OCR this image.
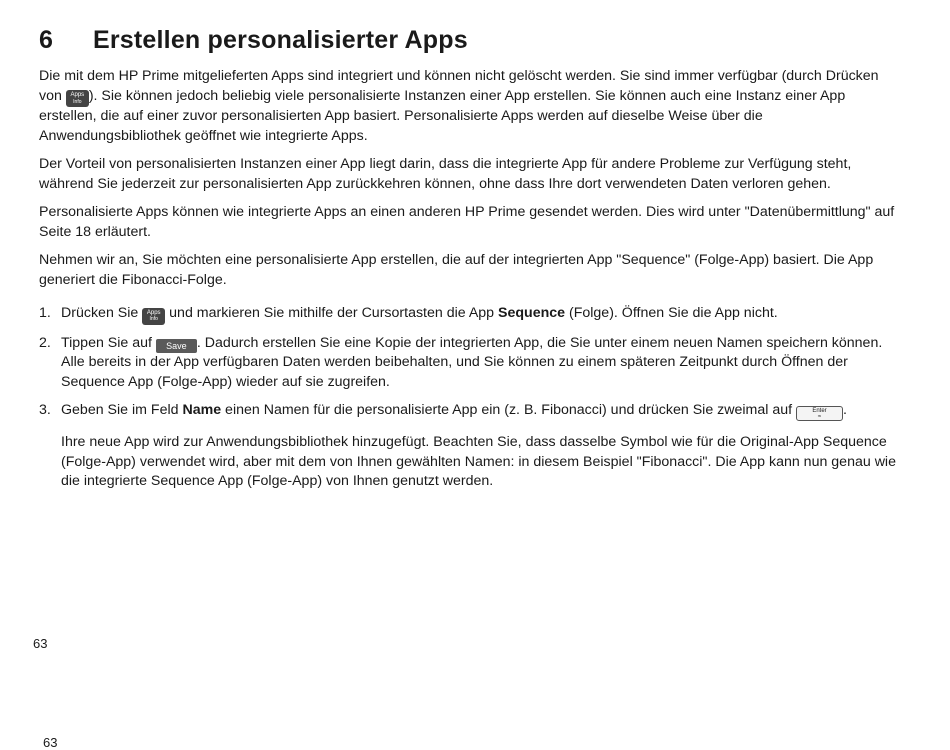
6 Erstellen personalisierter Apps

Die mit dem HP Prime mitgelieferten Apps sind integriert und können nicht gelöscht werden. Sie sind immer verfügbar (durch Drücken von Apps
Info ). Sie können jedoch beliebig viele personalisierte Instanzen einer App erstellen. Sie können auch eine Instanz einer App erstellen, die auf einer zuvor personalisierten App basiert. Personalisierte Apps werden auf dieselbe Weise über die Anwendungsbibliothek geöffnet wie integrierte Apps.

Der Vorteil von personalisierten Instanzen einer App liegt darin, dass die integrierte App für andere Probleme zur Verfügung steht, während Sie jederzeit zur personalisierten App zurückkehren können, ohne dass Ihre dort verwendeten Daten verloren gehen.

Personalisierte Apps können wie integrierte Apps an einen anderen HP Prime gesendet werden. Dies wird unter "Datenübermittlung" auf Seite 18 erläutert.

Nehmen wir an, Sie möchten eine personalisierte App erstellen, die auf der integrierten App "Sequence" (Folge-App) basiert. Die App generiert die Fibonacci-Folge.

1. Drücken Sie Apps
Info und markieren Sie mithilfe der Cursortasten die App Sequence (Folge). Öffnen Sie die App nicht.
2. Tippen Sie auf Save . Dadurch erstellen Sie eine Kopie der integrierten App, die Sie unter einem neuen Namen speichern können. Alle bereits in der App verfügbaren Daten werden beibehalten, und Sie können zu einem späteren Zeitpunkt durch Öffnen der Sequence App (Folge-App) wieder auf sie zugreifen.
3. Geben Sie im Feld Name einen Namen für die personalisierte App ein (z. B. Fibonacci) und drücken Sie zweimal auf	Enter
≈	.

Ihre neue App wird zur Anwendungsbibliothek hinzugefügt. Beachten Sie, dass dasselbe Symbol wie für die Original-App Sequence (Folge-App) verwendet wird, aber mit dem von Ihnen gewählten Namen: in diesem Beispiel "Fibonacci". Die App kann nun genau wie die integrierte Sequence App (Folge-App) von Ihnen genutzt werden.

63
63
